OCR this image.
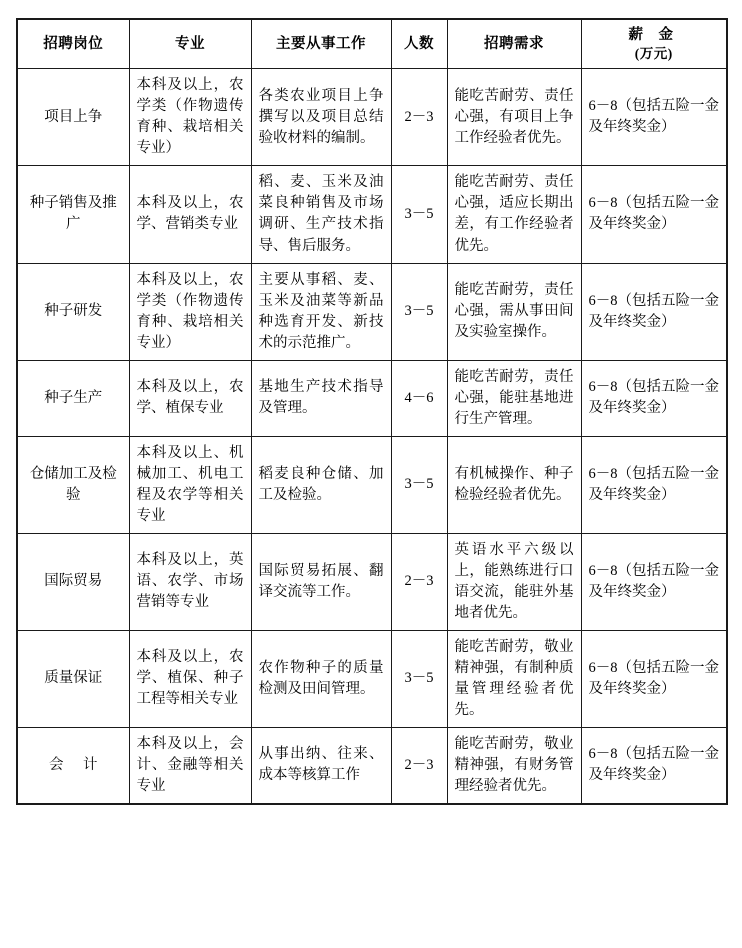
招聘岗位	专业	主要从事工作	人数	招聘需求	薪 金
(万元)

项目上争	本科及以上，农学类（作物遗传育种、栽培相关专业）	各类农业项目上争撰写以及项目总结验收材料的编制。	2－3	能吃苦耐劳、责任心强，有项目上争工作经验者优先。	6－8（包括五险一金及年终奖金）
种子销售及推广	本科及以上，农学、营销类专业	稻、麦、玉米及油菜良种销售及市场调研、生产技术指导、售后服务。	3－5	能吃苦耐劳、责任心强，适应长期出差，有工作经验者优先。	6－8（包括五险一金及年终奖金）
种子研发	本科及以上，农学类（作物遗传育种、栽培相关专业）	主要从事稻、麦、玉米及油菜等新品种选育开发、新技术的示范推广。	3－5	能吃苦耐劳，责任心强，需从事田间及实验室操作。	6－8（包括五险一金及年终奖金）
种子生产	本科及以上，农学、植保专业	基地生产技术指导及管理。	4－6	能吃苦耐劳，责任心强，能驻基地进行生产管理。	6－8（包括五险一金及年终奖金）
仓储加工及检验	本科及以上、机械加工、机电工程及农学等相关专业	稻麦良种仓储、加工及检验。	3－5	有机械操作、种子检验经验者优先。	6－8（包括五险一金及年终奖金）
国际贸易	本科及以上，英语、农学、市场营销等专业	国际贸易拓展、翻译交流等工作。	2－3	英语水平六级以上，能熟练进行口语交流，能驻外基地者优先。	6－8（包括五险一金及年终奖金）
质量保证	本科及以上，农学、植保、种子工程等相关专业	农作物种子的质量检测及田间管理。	3－5	能吃苦耐劳，敬业精神强，有制种质量管理经验者优先。	6－8（包括五险一金及年终奖金）
会 计	本科及以上，会计、金融等相关专业	从事出纳、往来、成本等核算工作	2－3	能吃苦耐劳，敬业精神强，有财务管理经验者优先。	6－8（包括五险一金及年终奖金）
